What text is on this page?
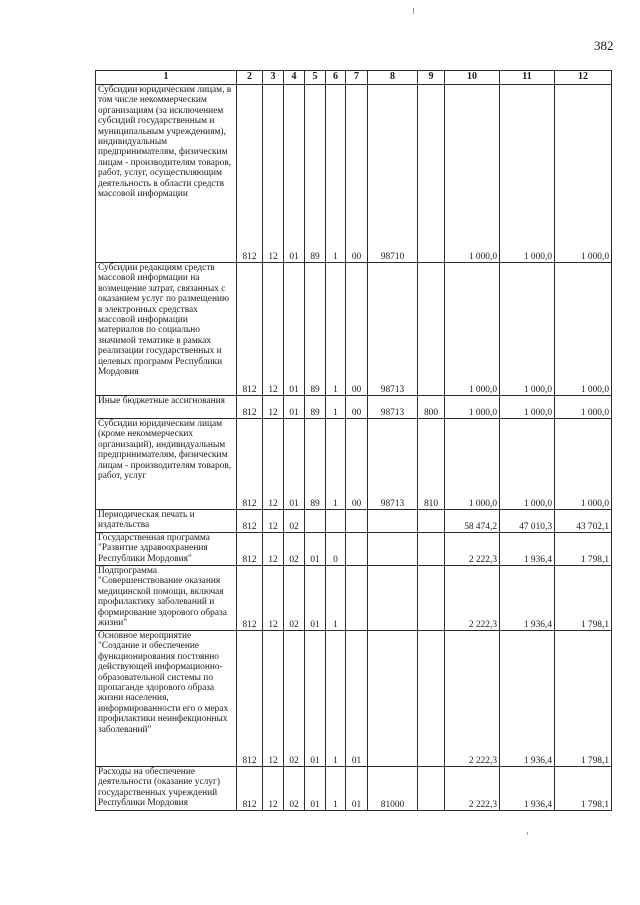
382
1	2	3	4	5	6	7	8	9	10	11	12
Субсидии юридическим лицам, в том числе некоммерческим организациям (за исключением субсидий государственным и муниципальным учреждениям), индивидуальным предпринимателям, физическим лицам - производителям товаров, работ, услуг, осуществляющим деятельность в области средств массовой информации	812	12	01	89	1	00	98710		1 000,0	1 000,0	1 000,0
Субсидии редакциям средств массовой информации на возмещение затрат, связанных с оказанием услуг по размещению в электронных средствах массовой информации материалов по социально значимой тематике в рамках реализации государственных и целевых программ Республики Мордовия	812	12	01	89	1	00	98713		1 000,0	1 000,0	1 000,0
Иные бюджетные ассигнования	812	12	01	89	1	00	98713	800	1 000,0	1 000,0	1 000,0
Субсидии юридическим лицам (кроме некоммерческих организаций), индивидуальным предпринимателям, физическим лицам - производителям товаров, работ, услуг	812	12	01	89	1	00	98713	810	1 000,0	1 000,0	1 000,0
Периодическая печать и издательства	812	12	02						58 474,2	47 010,3	43 702,1
Государственная программа "Развитие здравоохранения Республики Мордовия"	812	12	02	01	0				2 222,3	1 936,4	1 798,1
Подпрограмма "Совершенствование оказания медицинской помощи, включая профилактику заболеваний и формирование здорового образа жизни"	812	12	02	01	1				2 222,3	1 936,4	1 798,1
Основное мероприятие "Создание и обеспечение функционирования постоянно действующей информационно-образовательной системы по пропаганде здорового образа жизни населения, информированности его о мерах профилактики неинфекционных заболеваний"	812	12	02	01	1	01			2 222,3	1 936,4	1 798,1
Расходы на обеспечение деятельности (оказание услуг) государственных учреждений Республики Мордовия	812	12	02	01	1	01	81000		2 222,3	1 936,4	1 798,1
